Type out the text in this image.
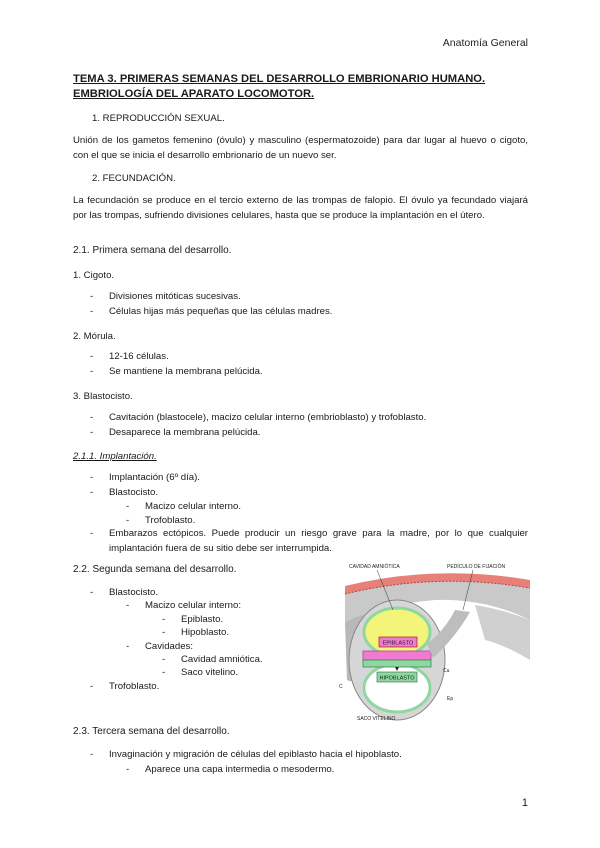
Anatomía General
TEMA 3. PRIMERAS SEMANAS DEL DESARROLLO EMBRIONARIO HUMANO. EMBRIOLOGÍA DEL APARATO LOCOMOTOR.
1. REPRODUCCIÓN SEXUAL.
Unión de los gametos femenino (óvulo) y masculino (espermatozoide) para dar lugar al huevo o cigoto, con el que se inicia el desarrollo embrionario de un nuevo ser.
2. FECUNDACIÓN.
La fecundación se produce en el tercio externo de las trompas de falopio. El óvulo ya fecundado viajará por las trompas, sufriendo divisiones celulares, hasta que se produce la implantación en el útero.
2.1. Primera semana del desarrollo.
1. Cigoto.
- Divisiones mitóticas sucesivas.
- Células hijas más pequeñas que las células madres.
2. Mórula.
- 12-16 células.
- Se mantiene la membrana pelúcida.
3. Blastocisto.
- Cavitación (blastocele), macizo celular interno (embrioblasto) y trofoblasto.
- Desaparece la membrana pelúcida.
2.1.1. Implantación.
- Implantación (6º día).
- Blastocisto.
- Macizo celular interno.
- Trofoblasto.
- Embarazos ectópicos. Puede producir un riesgo grave para la madre, por lo que cualquier implantación fuera de su sitio debe ser interrumpida.
2.2. Segunda semana del desarrollo.
- Blastocisto.
- Macizo celular interno:
- Epiblasto.
- Hipoblasto.
- Cavidades:
- Cavidad amniótica.
- Saco vitelino.
- Trofoblasto.
EPIBLASTO
HIPOBLASTO
CAVIDAD AMNIÓTICA	PEDÍCULO DE FIJACIÓN
Cu
Ep
C
SACO VITELINO
2.3. Tercera semana del desarrollo.
- Invaginación y migración de células del epiblasto hacia el hipoblasto.
- Aparece una capa intermedia o mesodermo.
1
